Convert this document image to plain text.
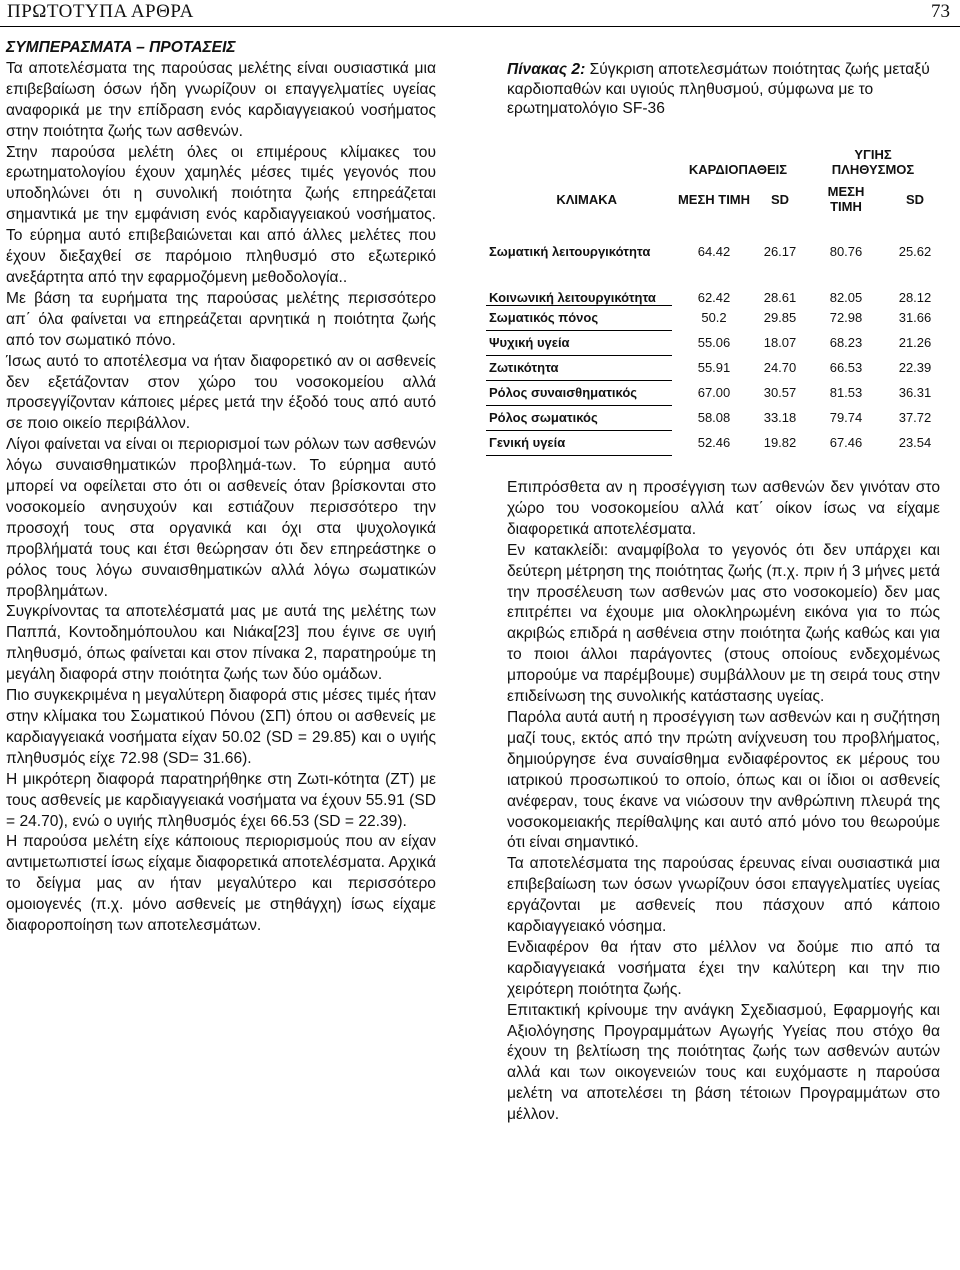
ΠΡΩΤΟΤΥΠΑ ΑΡΘΡΑ	73

ΣΥΜΠΕΡΑΣΜΑΤΑ – ΠΡΟΤΑΣΕΙΣ

Τα αποτελέσματα της παρούσας μελέτης είναι ουσιαστικά μια επιβεβαίωση όσων ήδη γνωρίζουν οι επαγγελματίες υγείας αναφορικά με την επίδραση ενός καρδιαγγειακού νοσήματος στην ποιότητα ζωής των ασθενών.

Στην παρούσα μελέτη όλες οι επιμέρους κλίμακες του ερωτηματολογίου έχουν χαμηλές μέσες τιμές γεγονός που υποδηλώνει ότι η συνολική ποιότητα ζωής επηρεάζεται σημαντικά με την εμφάνιση ενός καρδιαγγειακού νοσήματος. Το εύρημα αυτό επιβεβαιώνεται και από άλλες μελέτες που έχουν διεξαχθεί σε παρόμοιο πληθυσμό στο εξωτερικό ανεξάρτητα από την εφαρμοζόμενη μεθοδολογία..

Με βάση τα ευρήματα της παρούσας μελέτης περισσότερο απ΄ όλα φαίνεται να επηρεάζεται αρνητικά η ποιότητα ζωής από τον σωματικό πόνο.

Ίσως αυτό το αποτέλεσμα να ήταν διαφορετικό αν οι ασθενείς δεν εξετάζονταν στον χώρο του νοσοκομείου αλλά προσεγγίζονταν κάποιες μέρες μετά την έξοδό τους από αυτό σε ποιο οικείο περιβάλλον.

Λίγοι φαίνεται να είναι οι περιορισμοί των ρόλων των ασθενών λόγω συναισθηματικών προβλημά-των. Το εύρημα αυτό μπορεί να οφείλεται στο ότι οι ασθενείς όταν βρίσκονται στο νοσοκομείο ανησυχούν και εστιάζουν περισσότερο την προσοχή τους στα οργανικά και όχι στα ψυχολογικά προβλήματά τους και έτσι θεώρησαν ότι δεν επηρεάστηκε ο ρόλος τους λόγω συναισθηματικών αλλά λόγω σωματικών προβλημάτων.

Συγκρίνοντας τα αποτελέσματά μας με αυτά της μελέτης των Παππά, Κοντοδημόπουλου και Νιάκα[23] που έγινε σε υγιή πληθυσμό, όπως φαίνεται και στον πίνακα 2, παρατηρούμε τη μεγάλη διαφορά στην ποιότητα ζωής των δύο ομάδων.

Πιο συγκεκριμένα η μεγαλύτερη διαφορά στις μέσες τιμές ήταν στην κλίμακα του Σωματικού Πόνου (ΣΠ) όπου οι ασθενείς με καρδιαγγειακά νοσήματα είχαν 50.02 (SD = 29.85) και ο υγιής πληθυσμός είχε 72.98 (SD= 31.66).

Η μικρότερη διαφορά παρατηρήθηκε στη Ζωτι-κότητα (ΖΤ) με τους ασθενείς με καρδιαγγειακά νοσήματα να έχουν 55.91 (SD = 24.70), ενώ ο υγιής πληθυσμός έχει 66.53 (SD = 22.39).

Η παρούσα μελέτη είχε κάποιους περιορισμούς που αν είχαν αντιμετωπιστεί ίσως είχαμε διαφορετικά αποτελέσματα. Αρχικά το δείγμα μας αν ήταν μεγαλύτερο και περισσότερο ομοιογενές (π.χ. μόνο ασθενείς με στηθάγχη) ίσως είχαμε διαφοροποίηση των αποτελεσμάτων.

Πίνακας 2: Σύγκριση αποτελεσμάτων ποιότητας ζωής μεταξύ καρδιοπαθών και υγιούς πληθυσμού, σύμφωνα με το ερωτηματολόγιο SF-36

	ΚΑΡΔΙΟΠΑΘΕΙΣ		ΥΓΙΗΣ ΠΛΗΘΥΣΜΟΣ	
ΚΛΙΜΑΚΑ	ΜΕΣΗ ΤΙΜΗ	SD	ΜΕΣΗ ΤΙΜΗ	SD
Σωματική λειτουργικότητα	64.42	26.17	80.76	25.62
Κοινωνική λειτουργικότητα	62.42	28.61	82.05	28.12
Σωματικός πόνος	50.2	29.85	72.98	31.66
Ψυχική υγεία	55.06	18.07	68.23	21.26
Ζωτικότητα	55.91	24.70	66.53	22.39
Ρόλος συναισθηματικός	67.00	30.57	81.53	36.31
Ρόλος σωματικός	58.08	33.18	79.74	37.72
Γενική υγεία	52.46	19.82	67.46	23.54

Επιπρόσθετα αν η προσέγγιση των ασθενών δεν γινόταν στο χώρο του νοσοκομείου αλλά κατ΄ οίκον ίσως να είχαμε διαφορετικά αποτελέσματα.

Εν κατακλείδι: αναμφίβολα το γεγονός ότι δεν υπάρχει και δεύτερη μέτρηση της ποιότητας ζωής (π.χ. πριν ή 3 μήνες μετά την προσέλευση των ασθενών μας στο νοσοκομείο) δεν μας επιτρέπει να έχουμε μια ολοκληρωμένη εικόνα για το πώς ακριβώς επιδρά η ασθένεια στην ποιότητα ζωής καθώς και για το ποιοι άλλοι παράγοντες (στους οποίους ενδεχομένως μπορούμε να παρέμβουμε) συμβάλλουν με τη σειρά τους στην επιδείνωση της συνολικής κατάστασης υγείας.

Παρόλα αυτά αυτή η προσέγγιση των ασθενών και η συζήτηση μαζί τους, εκτός από την πρώτη ανίχνευση του προβλήματος, δημιούργησε ένα συναίσθημα ενδιαφέροντος εκ μέρους του ιατρικού προσωπικού το οποίο, όπως και οι ίδιοι οι ασθενείς ανέφεραν, τους έκανε να νιώσουν την ανθρώπινη πλευρά της νοσοκομειακής περίθαλψης και αυτό από μόνο του θεωρούμε ότι είναι σημαντικό.

Τα αποτελέσματα της παρούσας έρευνας είναι ουσιαστικά μια επιβεβαίωση των όσων γνωρίζουν όσοι επαγγελματίες υγείας εργάζονται με ασθενείς που πάσχουν από κάποιο καρδιαγγειακό νόσημα.

Ενδιαφέρον θα ήταν στο μέλλον να δούμε πιο από τα καρδιαγγειακά νοσήματα έχει την καλύτερη και την πιο χειρότερη ποιότητα ζωής.

Επιτακτική κρίνουμε την ανάγκη Σχεδιασμού, Εφαρμογής και Αξιολόγησης Προγραμμάτων Αγωγής Υγείας που στόχο θα έχουν τη βελτίωση της ποιότητας ζωής των ασθενών αυτών αλλά και των οικογενειών τους και ευχόμαστε η παρούσα μελέτη να αποτελέσει τη βάση τέτοιων Προγραμμάτων στο μέλλον.
